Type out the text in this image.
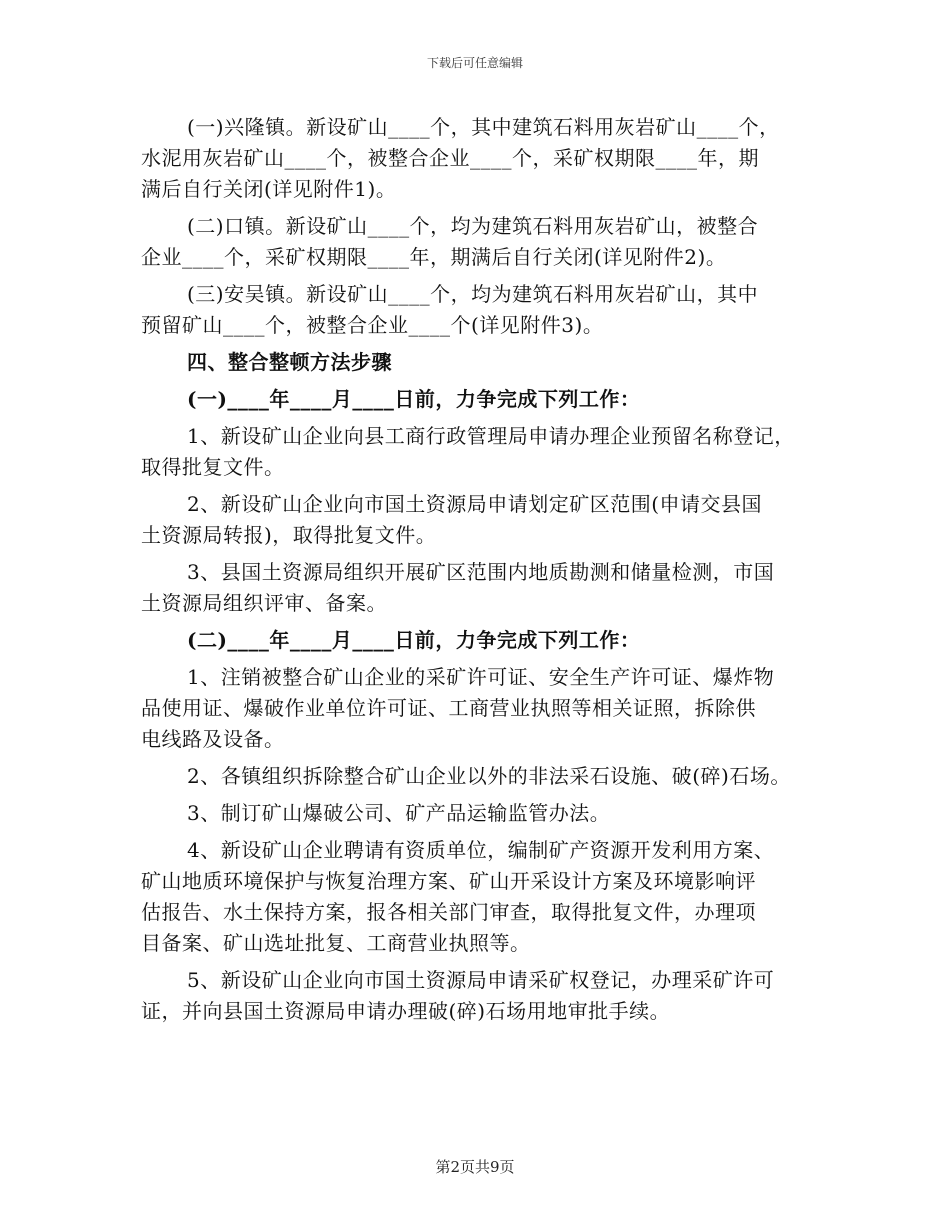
下载后可任意编辑
(一)兴隆镇。新设矿山____个，其中建筑石料用灰岩矿山____个，
水泥用灰岩矿山____个，被整合企业____个，采矿权期限____年，期
满后自行关闭(详见附件1)。
(二)口镇。新设矿山____个，均为建筑石料用灰岩矿山，被整合
企业____个，采矿权期限____年，期满后自行关闭(详见附件2)。
(三)安吴镇。新设矿山____个，均为建筑石料用灰岩矿山，其中
预留矿山____个，被整合企业____个(详见附件3)。
四、整合整顿方法步骤
(一)____年____月____日前，力争完成下列工作：
1、新设矿山企业向县工商行政管理局申请办理企业预留名称登记，
取得批复文件。
2、新设矿山企业向市国土资源局申请划定矿区范围(申请交县国
土资源局转报)，取得批复文件。
3、县国土资源局组织开展矿区范围内地质勘测和储量检测，市国
土资源局组织评审、备案。
(二)____年____月____日前，力争完成下列工作：
1、注销被整合矿山企业的采矿许可证、安全生产许可证、爆炸物
品使用证、爆破作业单位许可证、工商营业执照等相关证照，拆除供
电线路及设备。
2、各镇组织拆除整合矿山企业以外的非法采石设施、破(碎)石场。
3、制订矿山爆破公司、矿产品运输监管办法。
4、新设矿山企业聘请有资质单位，编制矿产资源开发利用方案、
矿山地质环境保护与恢复治理方案、矿山开采设计方案及环境影响评
估报告、水土保持方案，报各相关部门审查，取得批复文件，办理项
目备案、矿山选址批复、工商营业执照等。
5、新设矿山企业向市国土资源局申请采矿权登记，办理采矿许可
证，并向县国土资源局申请办理破(碎)石场用地审批手续。
第2页共9页
